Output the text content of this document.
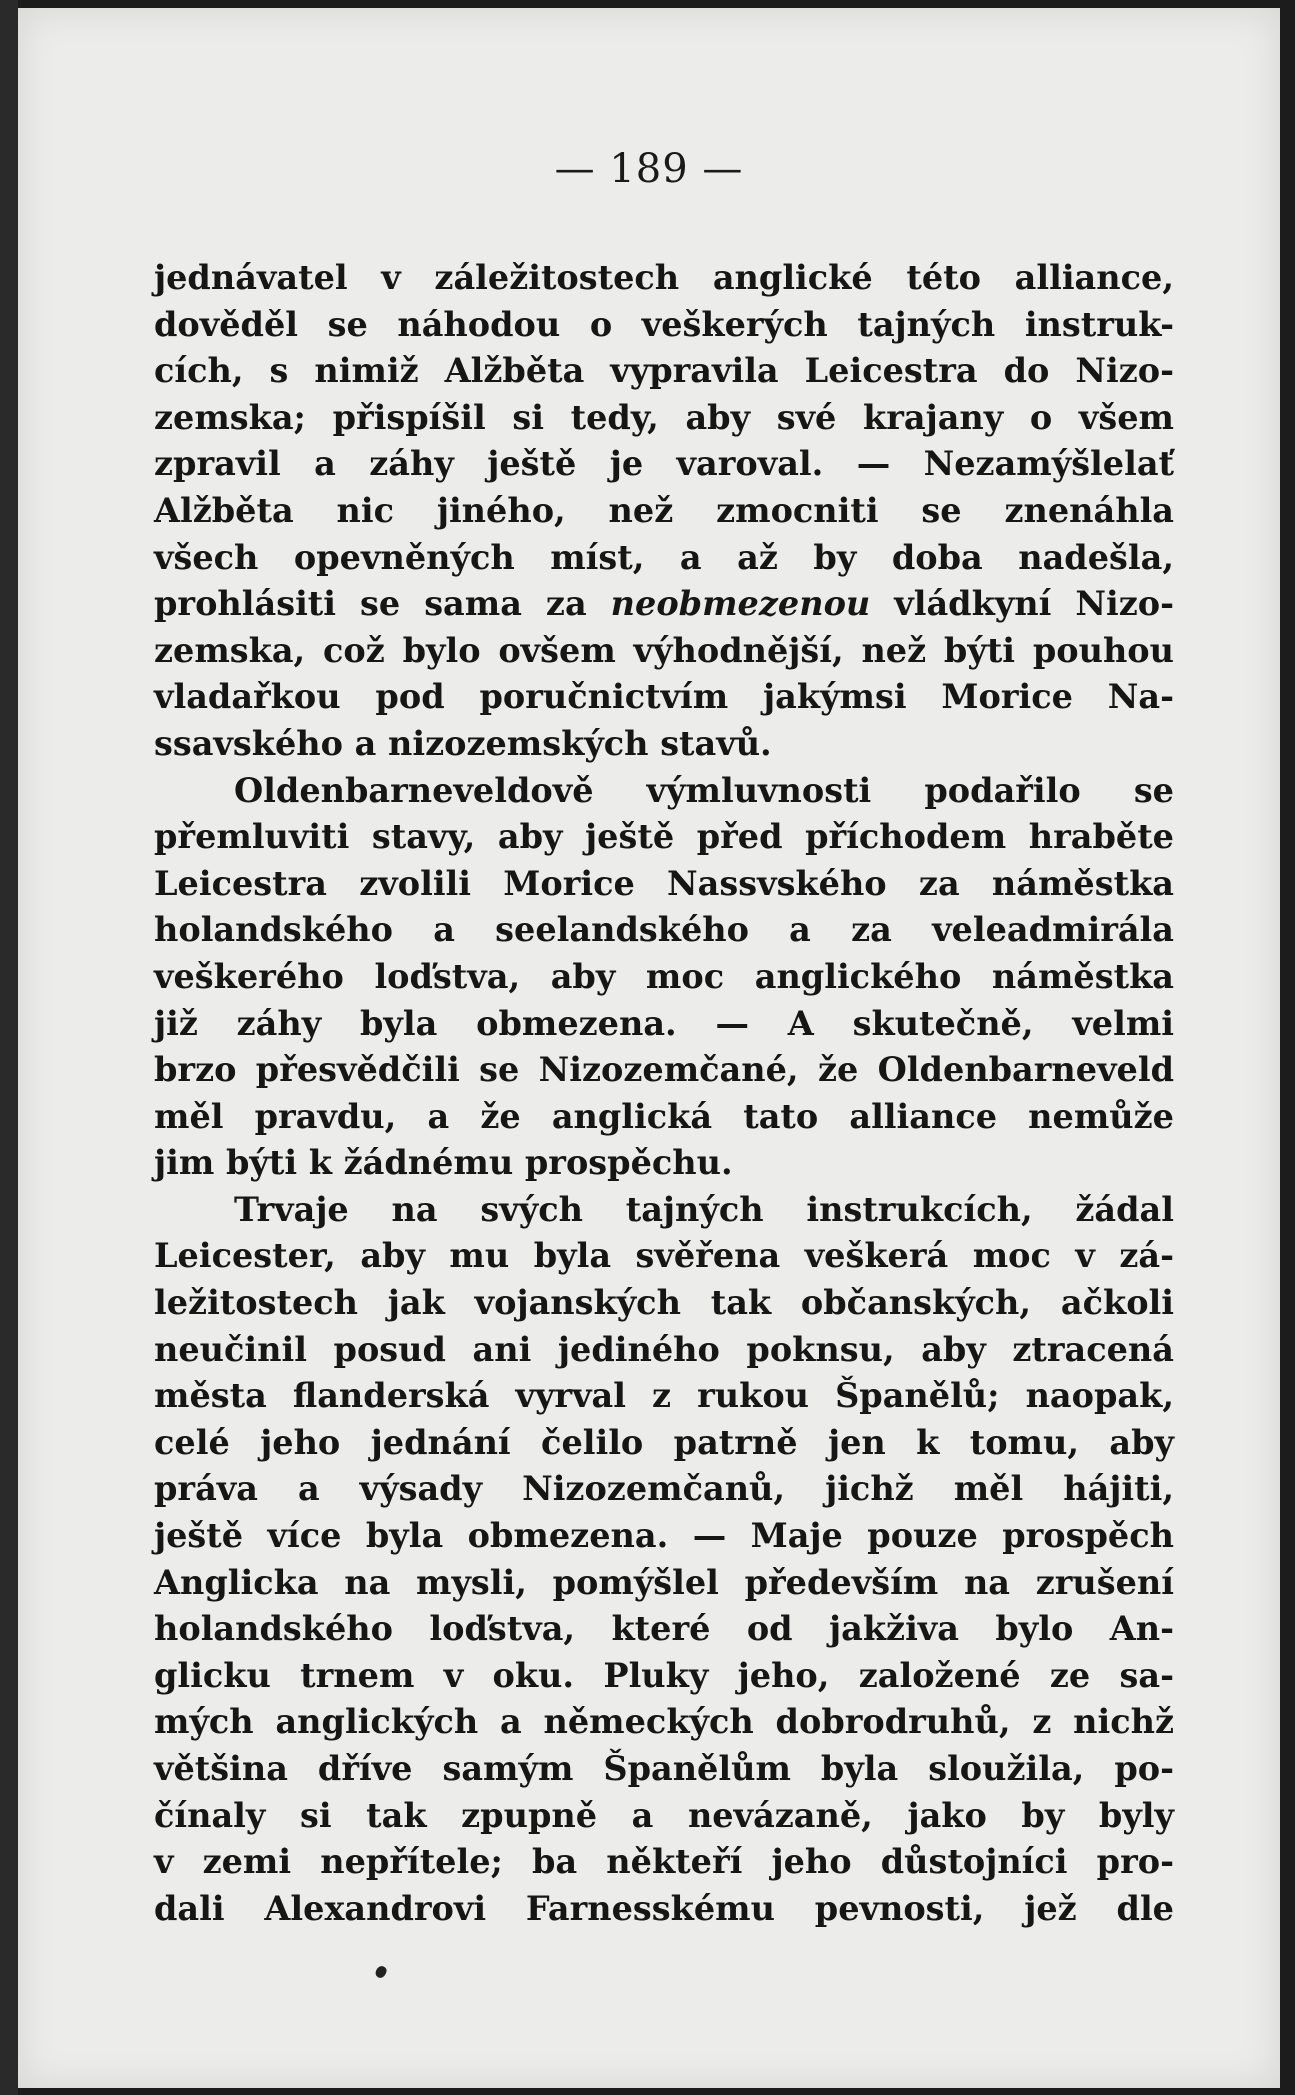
— 189 —
jednávatel v záležitostech anglické této alliance,
dověděl se náhodou o veškerých tajných instruk-
cích, s nimiž Alžběta vypravila Leicestra do Nizo-
zemska; přispíšil si tedy, aby své krajany o všem
zpravil a záhy ještě je varoval. — Nezamýšlelať
Alžběta nic jiného, než zmocniti se znenáhla
všech opevněných míst, a až by doba nadešla,
prohlásiti se sama za neobmezenou vládkyní Nizo-
zemska, což bylo ovšem výhodnější, než býti pouhou
vladařkou pod poručnictvím jakýmsi Morice Na-
ssavského a nizozemských stavů.
Oldenbarneveldově výmluvnosti podařilo se
přemluviti stavy, aby ještě před příchodem hraběte
Leicestra zvolili Morice Nassvského za náměstka
holandského a seelandského a za veleadmirála
veškerého loďstva, aby moc anglického náměstka
již záhy byla obmezena. — A skutečně, velmi
brzo přesvědčili se Nizozemčané, že Oldenbarneveld
měl pravdu, a že anglická tato alliance nemůže
jim býti k žádnému prospěchu.
Trvaje na svých tajných instrukcích, žádal
Leicester, aby mu byla svěřena veškerá moc v zá-
ležitostech jak vojanských tak občanských, ačkoli
neučinil posud ani jediného poknsu, aby ztracená
města flanderská vyrval z rukou Španělů; naopak,
celé jeho jednání čelilo patrně jen k tomu, aby
práva a výsady Nizozemčanů, jichž měl hájiti,
ještě více byla obmezena. — Maje pouze prospěch
Anglicka na mysli, pomýšlel především na zrušení
holandského loďstva, které od jakživa bylo An-
glicku trnem v oku. Pluky jeho, založené ze sa-
mých anglických a německých dobrodruhů, z nichž
většina dříve samým Španělům byla sloužila, po-
čínaly si tak zpupně a nevázaně, jako by byly
v zemi nepřítele; ba někteří jeho důstojníci pro-
dali Alexandrovi Farnesskému pevnosti, jež dle
